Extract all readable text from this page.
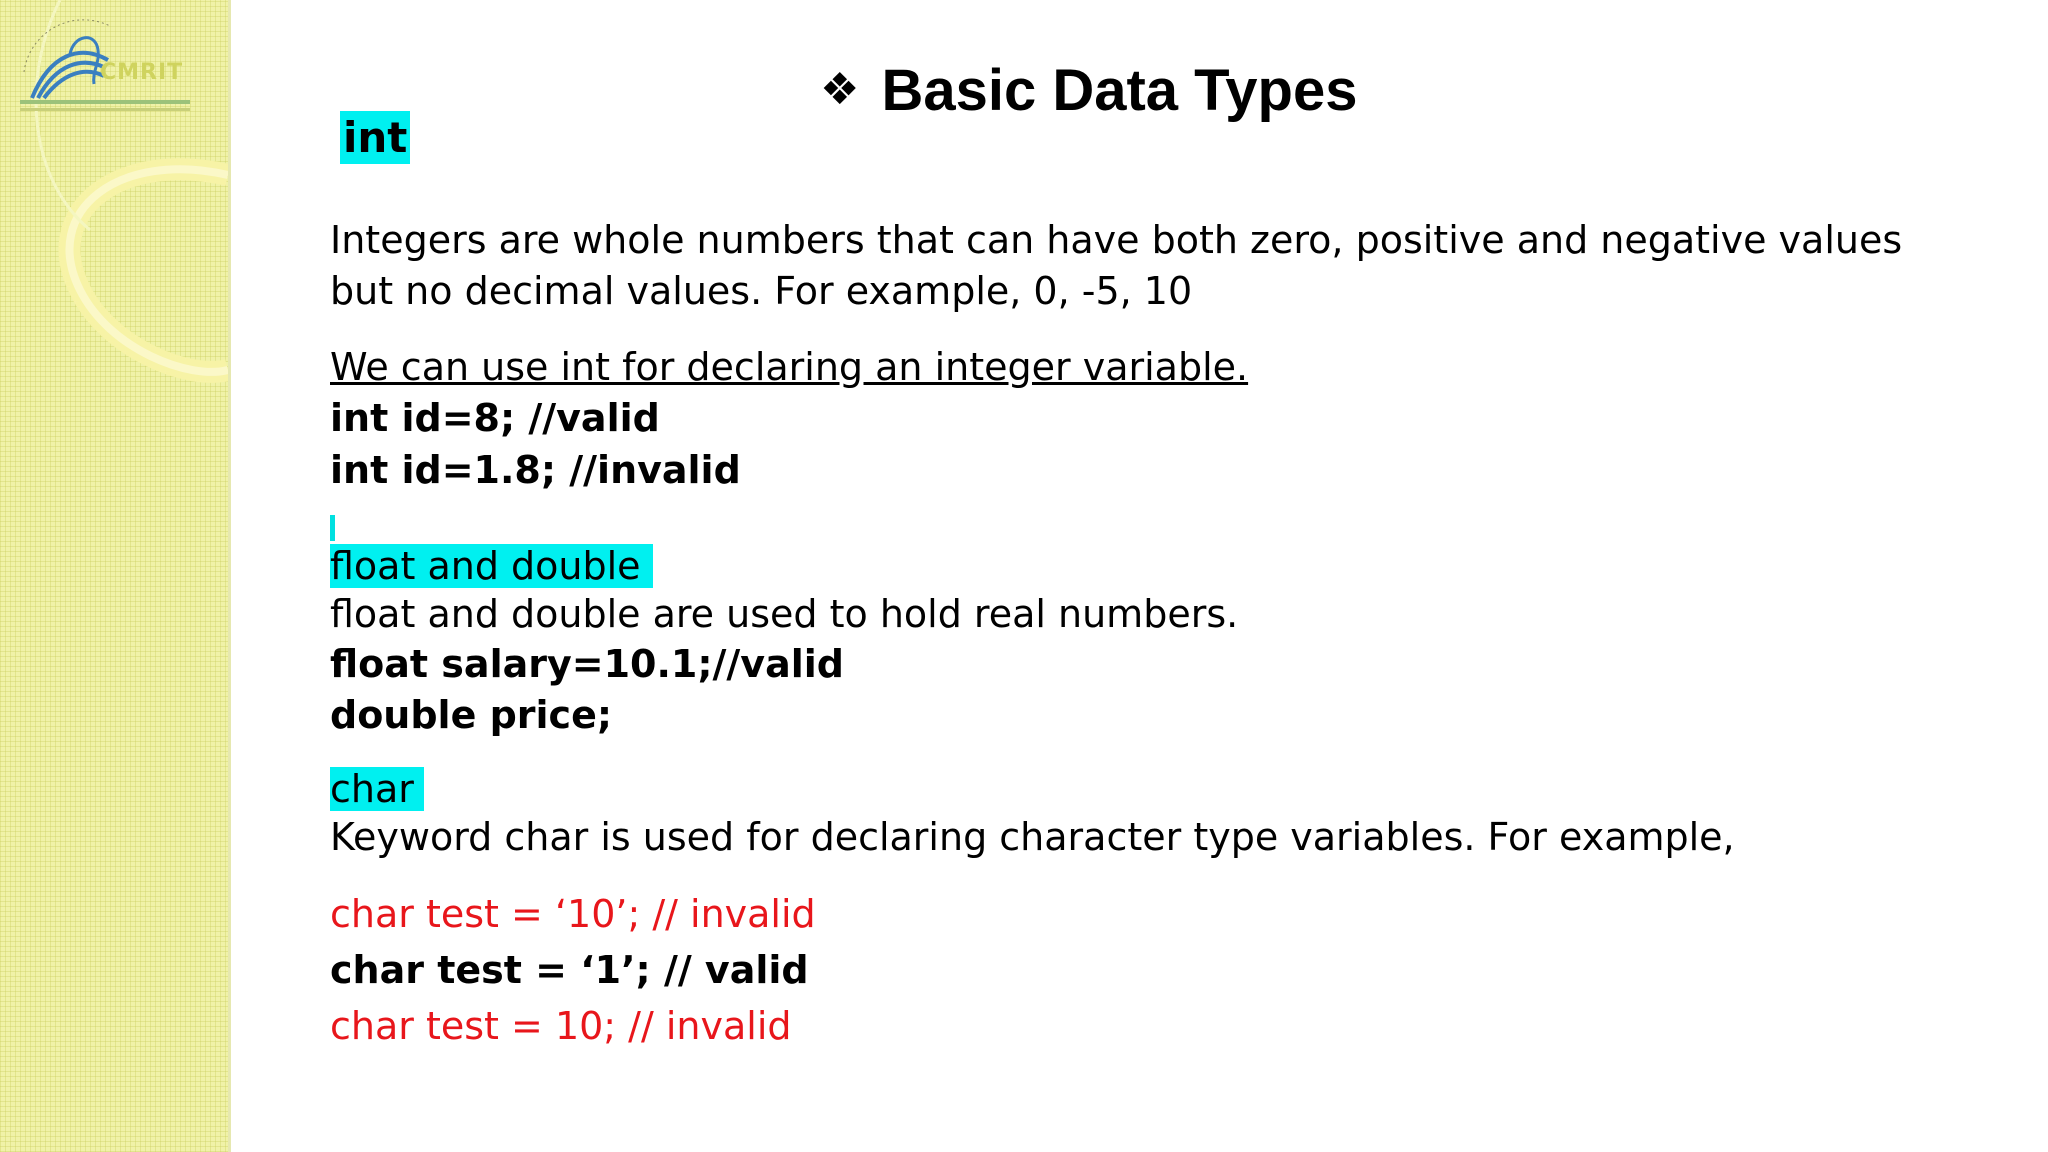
CMRIT	❖ Basic Data Types
int
Integers are whole numbers that can have both zero, positive and negative values
but no decimal values. For example, 0, -5, 10
We can use int for declaring an integer variable.
int id=8; //valid
int id=1.8; //invalid
float and double
float and double are used to hold real numbers.
float salary=10.1;//valid
double price;
char
Keyword char is used for declaring character type variables. For example,
char test = ‘10’; // invalid
char test = ‘1’; // valid
char test = 10; // invalid
